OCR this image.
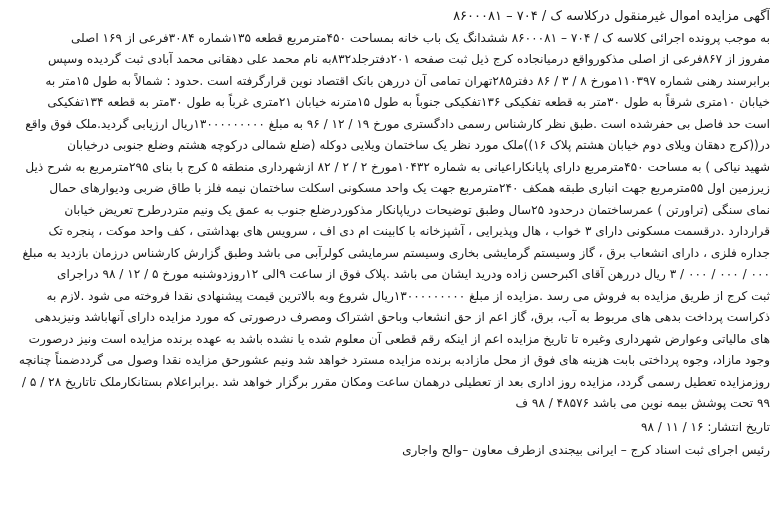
آگهی مزایده اموال غیرمنقول درکلاسه ک / ۷۰۴ – ۸۶۰۰۰۸۱
به موجب پرونده اجرائی کلاسه ک / ۷۰۴ – ۸۶۰۰۰۸۱ ششدانگ یک باب خانه بمساحت ۴۵۰مترمربع قطعه ۱۳۵شماره ۳۰۸۴فرعی از ۱۶۹ اصلی
مفروز از ۸۶۷فرعی از اصلی مذکورواقع درمیانجاده کرج ذیل ثبت صفحه ۲۰۱دفترجلد۸۳۲به نام محمد علی دهقانی محمد آبادی ثبت گردیده وسپس
برابرسند رهنی شماره ۱۱۰۳۹۷مورخ ۸ / ۳ / ۸۶ دفتر۲۸۵تهران تمامی آن دررهن بانک اقتصاد نوین قرارگرفته است .حدود : شمالاً به طول ۱۵متر به
خیابان ۱۰متری شرقاً به طول ۳۰متر به قطعه تفکیکی ۱۳۶تفکیکی جنوباً به طول ۱۵مترنه خیابان ۲۱متری غرباً به طول ۳۰متر به قطعه ۱۳۴تفکیکی
است حد فاصل بی حفرشده است .طبق نظر کارشناس رسمی دادگستری مورخ ۱۹ / ۱۲ / ۹۶ به مبلغ ۱۳۰۰۰۰۰۰۰۰۰ریال ارزیابی گردید.ملک فوق واقع
در((کرج دهقان ویلای دوم خیابان هشتم پلاک ۱۶))ملک مورد نظر یک ساختمان ویلایی دوکله (ضلع شمالی درکوچه هشتم وضلع جنوبی درخیابان
شهید نیاکی ) به مساحت ۴۵۰مترمربع دارای پایانکاراعیانی به شماره ۱۰۴۳۲مورخ ۲ / ۲ / ۸۲ ازشهرداری منطقه ۵ کرج با بنای ۲۹۵مترمربع به شرح ذیل
زیرزمین اول ۵۵مترمربع جهت انباری طبقه همکف ۲۴۰مترمربع جهت یک واحد مسکونی اسکلت ساختمان نیمه فلز با طاق ضربی ودیوارهای حمال
نمای سنگی (تراورتن ) عمرساختمان درحدود ۲۵سال وطبق توضیحات دریاپانکار مذکوردرضلع جنوب به عمق یک ونیم متردرطرح تعریض خیابان
قراردارد .درقسمت مسکونی دارای ۳ خواب ، هال وپذیرایی ، آشپزخانه با کابینت ام دی اف ، سرویس های بهداشتی ، کف واحد موکت ، پنجره تک
جداره فلزی ، دارای انشعاب برق ، گاز وسیستم گرمایشی بخاری وسیستم سرمایشی کولرآبی می باشد وطبق گزارش کارشناس درزمان بازدید به مبلغ
۰۰۰ / ۰۰۰ / ۰۰۰ / ۳ ریال دررهن آقای اکبرحسن زاده ودرید ایشان می باشد .پلاک فوق از ساعت ۹الی ۱۲روزدوشنبه مورخ ۵ / ۱۲ / ۹۸ دراجرای
ثبت کرج از طریق مزایده به فروش می رسد .مزایده از مبلغ ۱۳۰۰۰۰۰۰۰۰۰ریال شروع وبه بالاترین قیمت پیشنهادی نقدا فروخته می شود .لازم به
ذکراست پرداخت بدهی های مربوط به آب، برق، گاز اعم از حق انشعاب وباحق اشتراک ومصرف درصورتی که مورد مزایده دارای آنهاباشد ونیزبدهی
های مالیاتی وعوارض شهرداری وغیره تا تاریخ مزایده اعم از اینکه رقم قطعی آن معلوم شده یا نشده باشد به عهده برنده مزایده است ونیز درصورت
وجود مازاد، وجوه پرداختی بابت هزینه های فوق از محل مازادبه برنده مزایده مسترد خواهد شد ونیم عشورحق مزایده نقدا وصول می گرددضمناً چنانچه
روزمزایده تعطیل رسمی گردد، مزایده روز اداری بعد از تعطیلی درهمان ساعت ومکان مقرر برگزار خواهد شد .برابراعلام بستانکارملک تاتاریخ ۲۸ / ۵ /
۹۹ تحت پوشش بیمه نوین می باشد ۴۸۵۷۶ / ۹۸ ف
تاریخ انتشار: ۱۶ / ۱۱ / ۹۸
رئیس اجرای ثبت اسناد کرج – ایرانی بیجندی ازطرف معاون –والح واجاری
